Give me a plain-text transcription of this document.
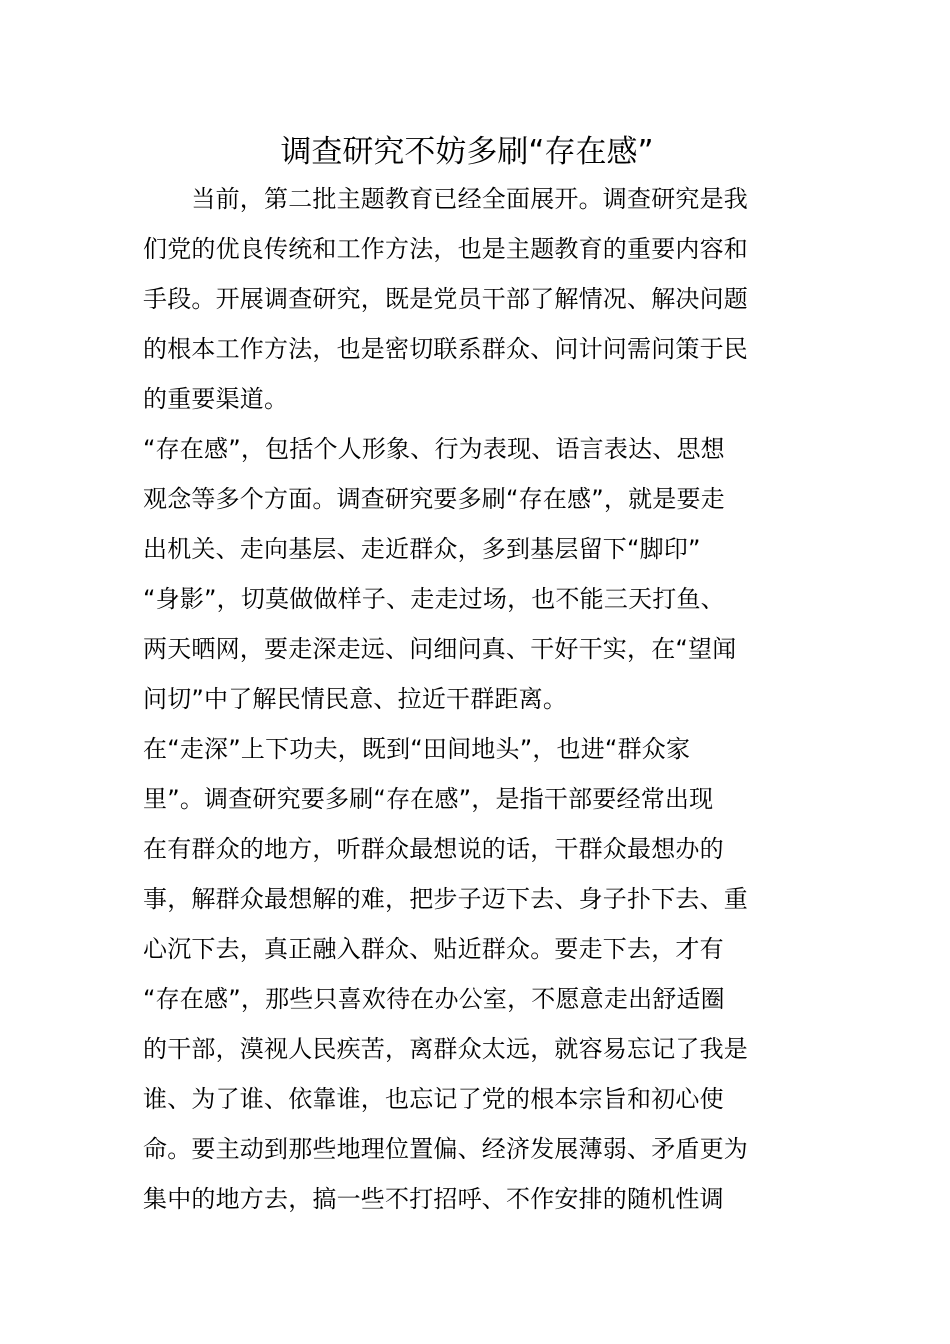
调查研究不妨多刷“存在感”
　　当前，第二批主题教育已经全面展开。调查研究是我
们党的优良传统和工作方法，也是主题教育的重要内容和
手段。开展调查研究，既是党员干部了解情况、解决问题
的根本工作方法，也是密切联系群众、问计问需问策于民
的重要渠道。
“存在感”，包括个人形象、行为表现、语言表达、思想
观念等多个方面。调查研究要多刷“存在感”，就是要走
出机关、走向基层、走近群众，多到基层留下“脚印”
“身影”，切莫做做样子、走走过场，也不能三天打鱼、
两天晒网，要走深走远、问细问真、干好干实，在“望闻
问切”中了解民情民意、拉近干群距离。
在“走深”上下功夫，既到“田间地头”，也进“群众家
里”。调查研究要多刷“存在感”，是指干部要经常出现
在有群众的地方，听群众最想说的话，干群众最想办的
事，解群众最想解的难，把步子迈下去、身子扑下去、重
心沉下去，真正融入群众、贴近群众。要走下去，才有
“存在感”，那些只喜欢待在办公室，不愿意走出舒适圈
的干部，漠视人民疾苦，离群众太远，就容易忘记了我是
谁、为了谁、依靠谁，也忘记了党的根本宗旨和初心使
命。要主动到那些地理位置偏、经济发展薄弱、矛盾更为
集中的地方去，搞一些不打招呼、不作安排的随机性调
